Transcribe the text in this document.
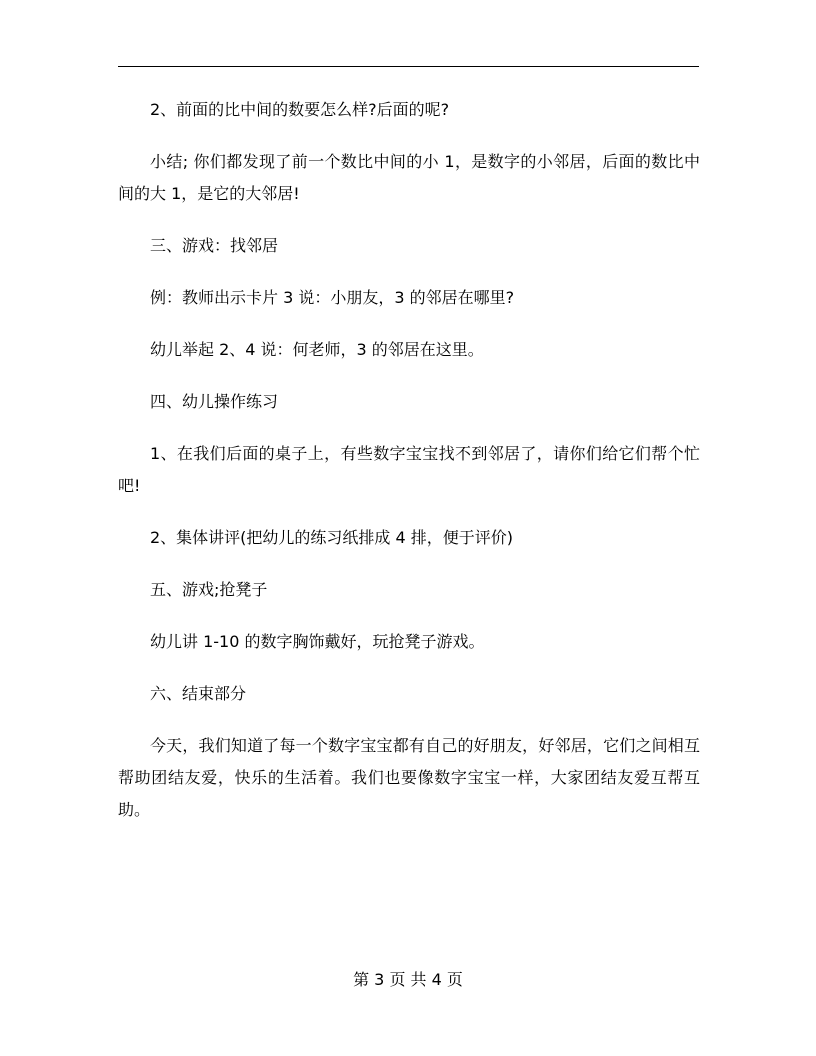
2、前面的比中间的数要怎么样?后面的呢?

小结; 你们都发现了前一个数比中间的小 1，是数字的小邻居，后面的数比中间的大 1，是它的大邻居!

三、游戏：找邻居

例：教师出示卡片 3 说：小朋友，3 的邻居在哪里?

幼儿举起 2、4 说：何老师，3 的邻居在这里。

四、幼儿操作练习

1、在我们后面的桌子上，有些数字宝宝找不到邻居了，请你们给它们帮个忙吧!

2、集体讲评(把幼儿的练习纸排成 4 排，便于评价)

五、游戏;抢凳子

幼儿讲 1-10 的数字胸饰戴好，玩抢凳子游戏。

六、结束部分

今天，我们知道了每一个数字宝宝都有自己的好朋友，好邻居，它们之间相互帮助团结友爱，快乐的生活着。我们也要像数字宝宝一样，大家团结友爱互帮互助。

第 3 页 共 4 页
